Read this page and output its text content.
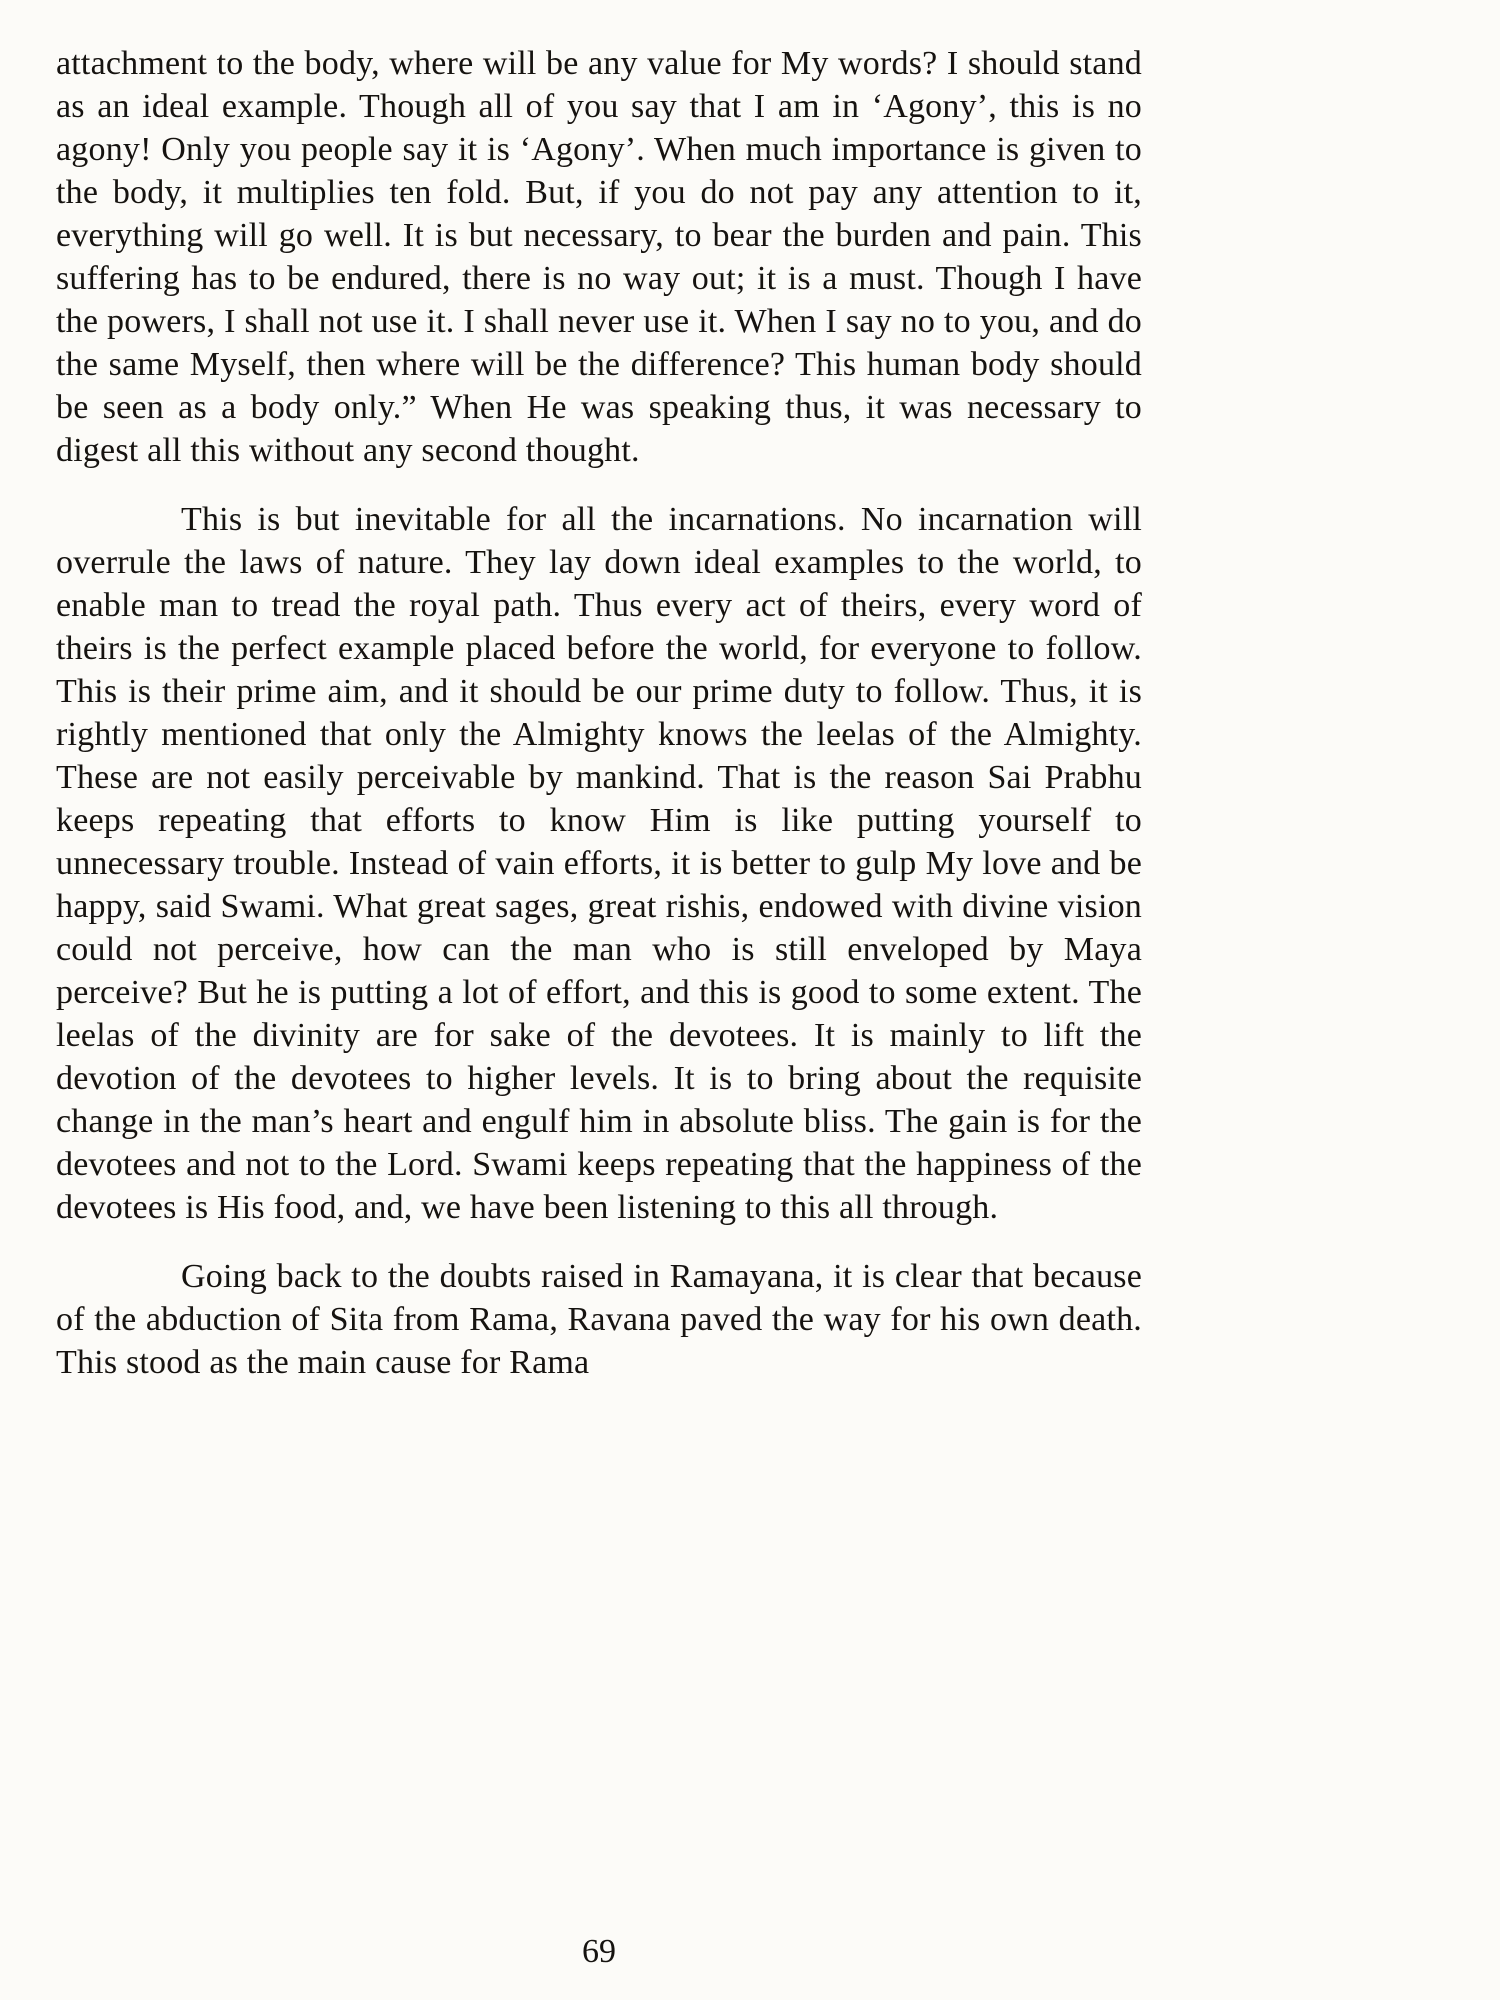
attachment to the body, where will be any value for My words? I should stand as an ideal example. Though all of you say that I am in ‘Agony’, this is no agony! Only you people say it is ‘Agony’. When much importance is given to the body, it multiplies ten fold. But, if you do not pay any attention to it, everything will go well. It is but necessary, to bear the burden and pain. This suffering has to be endured, there is no way out; it is a must. Though I have the powers, I shall not use it. I shall never use it. When I say no to you, and do the same Myself, then where will be the difference? This human body should be seen as a body only.” When He was speaking thus, it was necessary to digest all this without any second thought.

This is but inevitable for all the incarnations. No incarnation will overrule the laws of nature. They lay down ideal examples to the world, to enable man to tread the royal path. Thus every act of theirs, every word of theirs is the perfect example placed before the world, for everyone to follow. This is their prime aim, and it should be our prime duty to follow. Thus, it is rightly mentioned that only the Almighty knows the leelas of the Almighty. These are not easily perceivable by mankind. That is the reason Sai Prabhu keeps repeating that efforts to know Him is like putting yourself to unnecessary trouble. Instead of vain efforts, it is better to gulp My love and be happy, said Swami. What great sages, great rishis, endowed with divine vision could not perceive, how can the man who is still enveloped by Maya perceive? But he is putting a lot of effort, and this is good to some extent. The leelas of the divinity are for sake of the devotees. It is mainly to lift the devotion of the devotees to higher levels. It is to bring about the requisite change in the man’s heart and engulf him in absolute bliss. The gain is for the devotees and not to the Lord. Swami keeps repeating that the happiness of the devotees is His food, and, we have been listening to this all through.

Going back to the doubts raised in Ramayana, it is clear that because of the abduction of Sita from Rama, Ravana paved the way for his own death. This stood as the main cause for Rama

69
